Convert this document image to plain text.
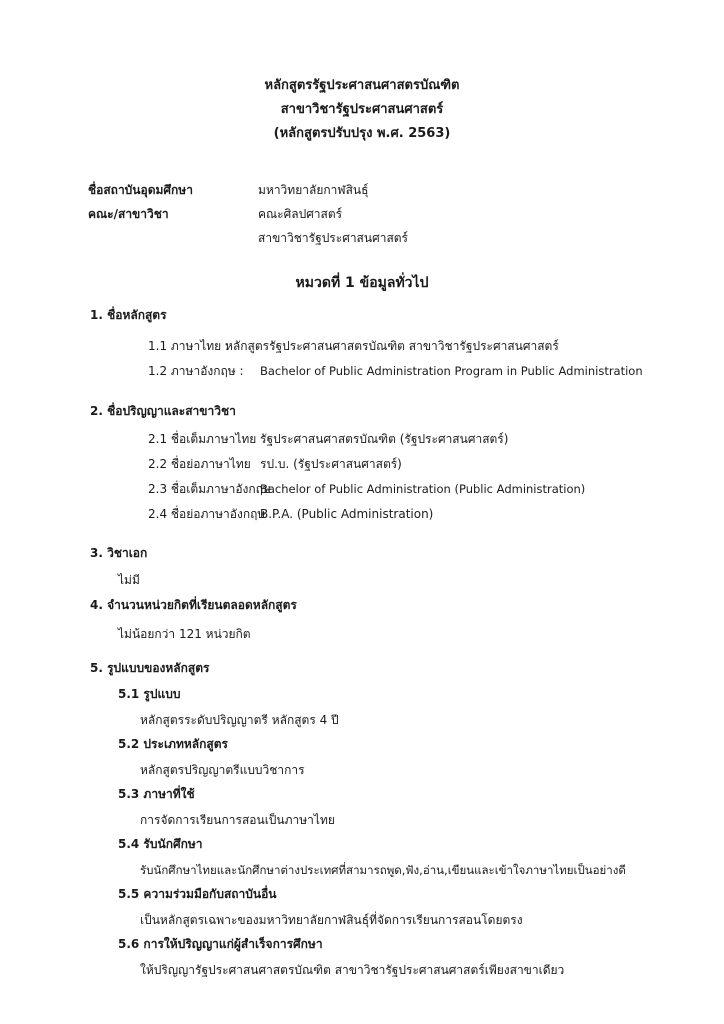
หลักสูตรรัฐประศาสนศาสตรบัณฑิต
สาขาวิชารัฐประศาสนศาสตร์
(หลักสูตรปรับปรุง พ.ศ. 2563)
ชื่อสถาบันอุดมศึกษา	มหาวิทยาลัยกาฬสินธุ์
คณะ/สาขาวิชา	คณะศิลปศาสตร์
สาขาวิชารัฐประศาสนศาสตร์
หมวดที่ 1 ข้อมูลทั่วไป
1. ชื่อหลักสูตร
1.1 ภาษาไทย :
หลักสูตรรัฐประศาสนศาสตรบัณฑิต สาขาวิชารัฐประศาสนศาสตร์
1.2 ภาษาอังกฤษ : Bachelor of Public Administration Program in Public Administration
2. ชื่อปริญญาและสาขาวิชา
2.1 ชื่อเต็มภาษาไทย รัฐประศาสนศาสตรบัณฑิต (รัฐประศาสนศาสตร์)
2.2 ชื่อย่อภาษาไทย รป.บ. (รัฐประศาสนศาสตร์)
2.3 ชื่อเต็มภาษาอังกฤษ
Bachelor of Public Administration (Public Administration)
2.4 ชื่อย่อภาษาอังกฤษ
B.P.A. (Public Administration)
3. วิชาเอก
ไม่มี
4. จำนวนหน่วยกิตที่เรียนตลอดหลักสูตร
ไม่น้อยกว่า 121 หน่วยกิต
5. รูปแบบของหลักสูตร
5.1 รูปแบบ
หลักสูตรระดับปริญญาตรี หลักสูตร 4 ปี
5.2 ประเภทหลักสูตร
หลักสูตรปริญญาตรีแบบวิชาการ
5.3 ภาษาที่ใช้
การจัดการเรียนการสอนเป็นภาษาไทย
5.4 รับนักศึกษา
รับนักศึกษาไทยและนักศึกษาต่างประเทศที่สามารถพูด,ฟัง,อ่าน,เขียนและเข้าใจภาษาไทยเป็นอย่างดี
5.5 ความร่วมมือกับสถาบันอื่น
เป็นหลักสูตรเฉพาะของมหาวิทยาลัยกาฬสินธุ์ที่จัดการเรียนการสอนโดยตรง
5.6 การให้ปริญญาแก่ผู้สำเร็จการศึกษา
ให้ปริญญารัฐประศาสนศาสตรบัณฑิต สาขาวิชารัฐประศาสนศาสตร์เพียงสาขาเดียว
